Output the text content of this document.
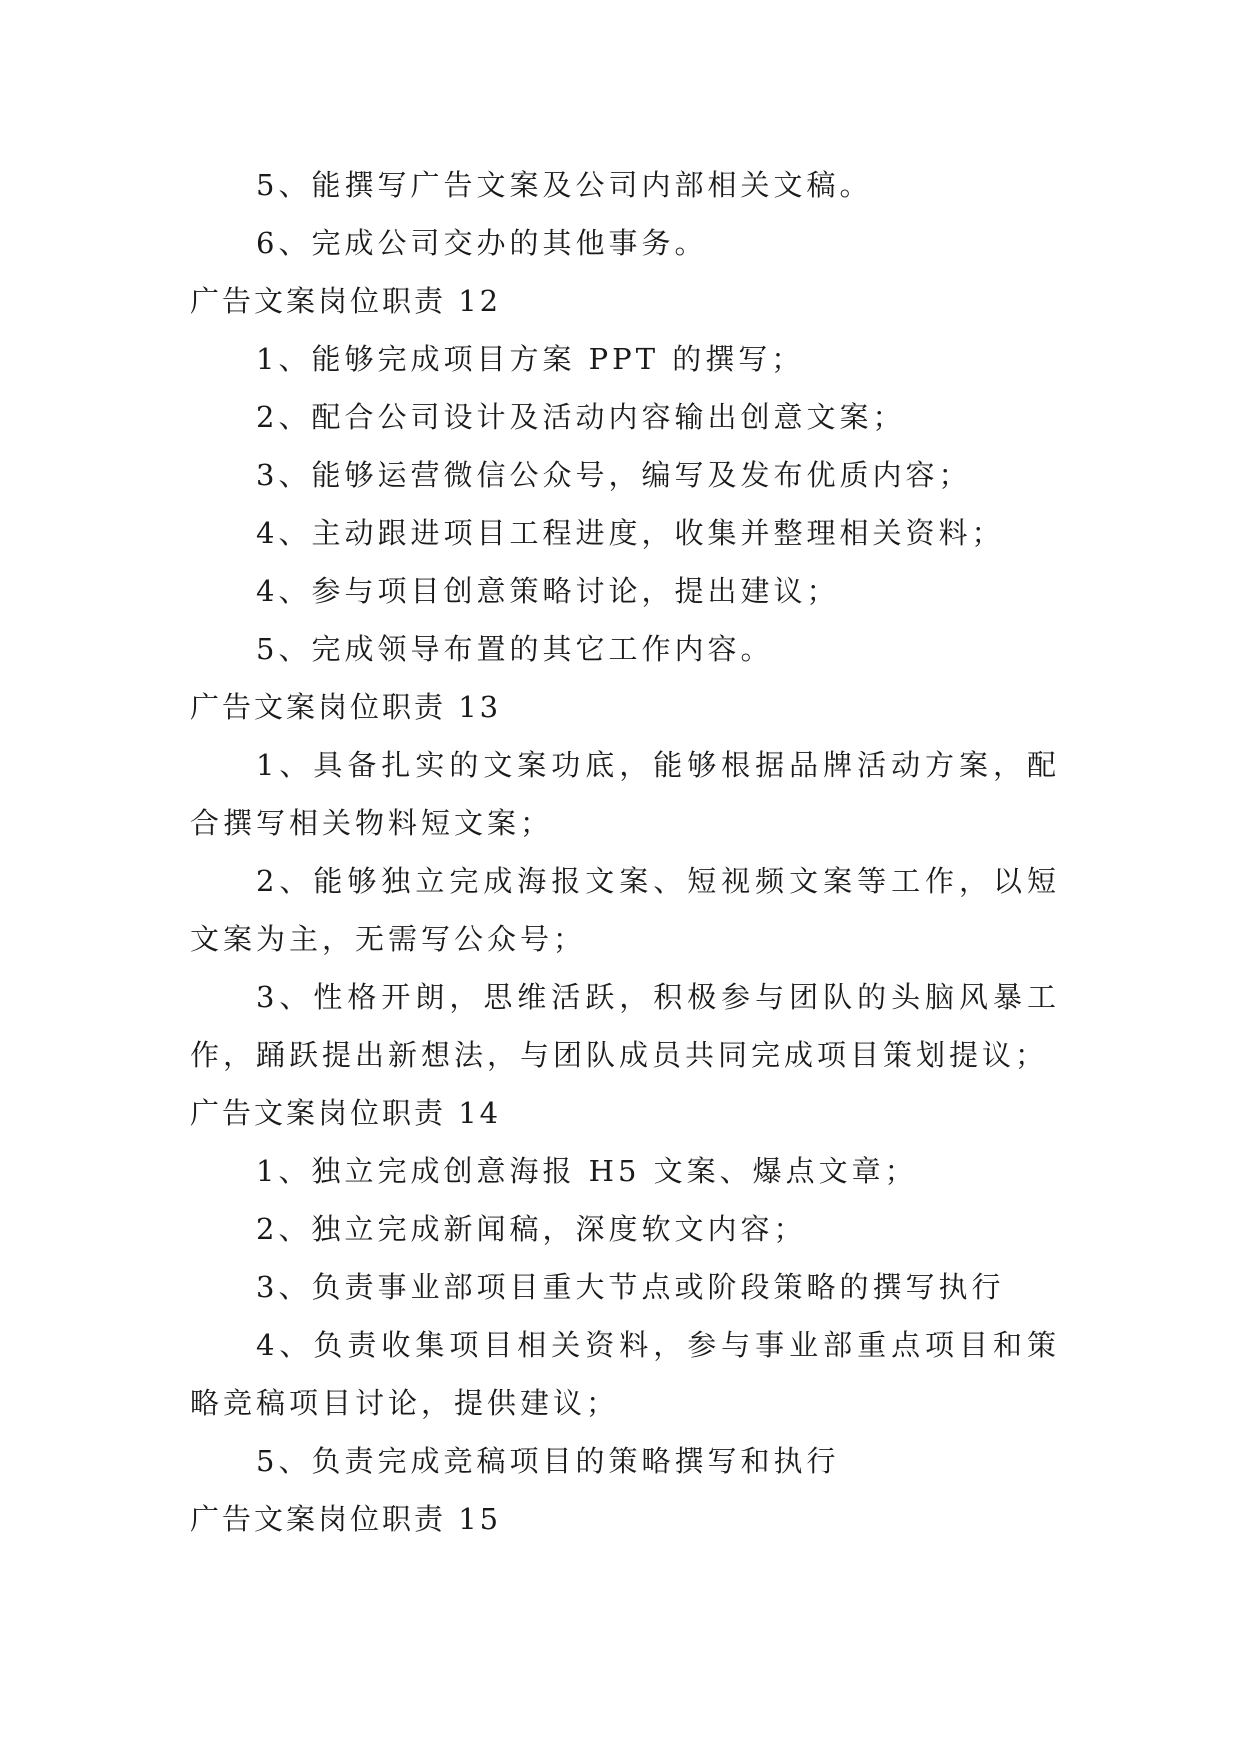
5、能撰写广告文案及公司内部相关文稿。

6、完成公司交办的其他事务。

广告文案岗位职责 12

1、能够完成项目方案 PPT 的撰写；

2、配合公司设计及活动内容输出创意文案；

3、能够运营微信公众号，编写及发布优质内容；

4、主动跟进项目工程进度，收集并整理相关资料；

4、参与项目创意策略讨论，提出建议；

5、完成领导布置的其它工作内容。

广告文案岗位职责 13

1、具备扎实的文案功底，能够根据品牌活动方案，配合撰写相关物料短文案；

2、能够独立完成海报文案、短视频文案等工作，以短文案为主，无需写公众号；

3、性格开朗，思维活跃，积极参与团队的头脑风暴工作，踊跃提出新想法，与团队成员共同完成项目策划提议；

广告文案岗位职责 14

1、独立完成创意海报 H5 文案、爆点文章；

2、独立完成新闻稿，深度软文内容；

3、负责事业部项目重大节点或阶段策略的撰写执行

4、负责收集项目相关资料，参与事业部重点项目和策略竞稿项目讨论，提供建议；

5、负责完成竞稿项目的策略撰写和执行

广告文案岗位职责 15
